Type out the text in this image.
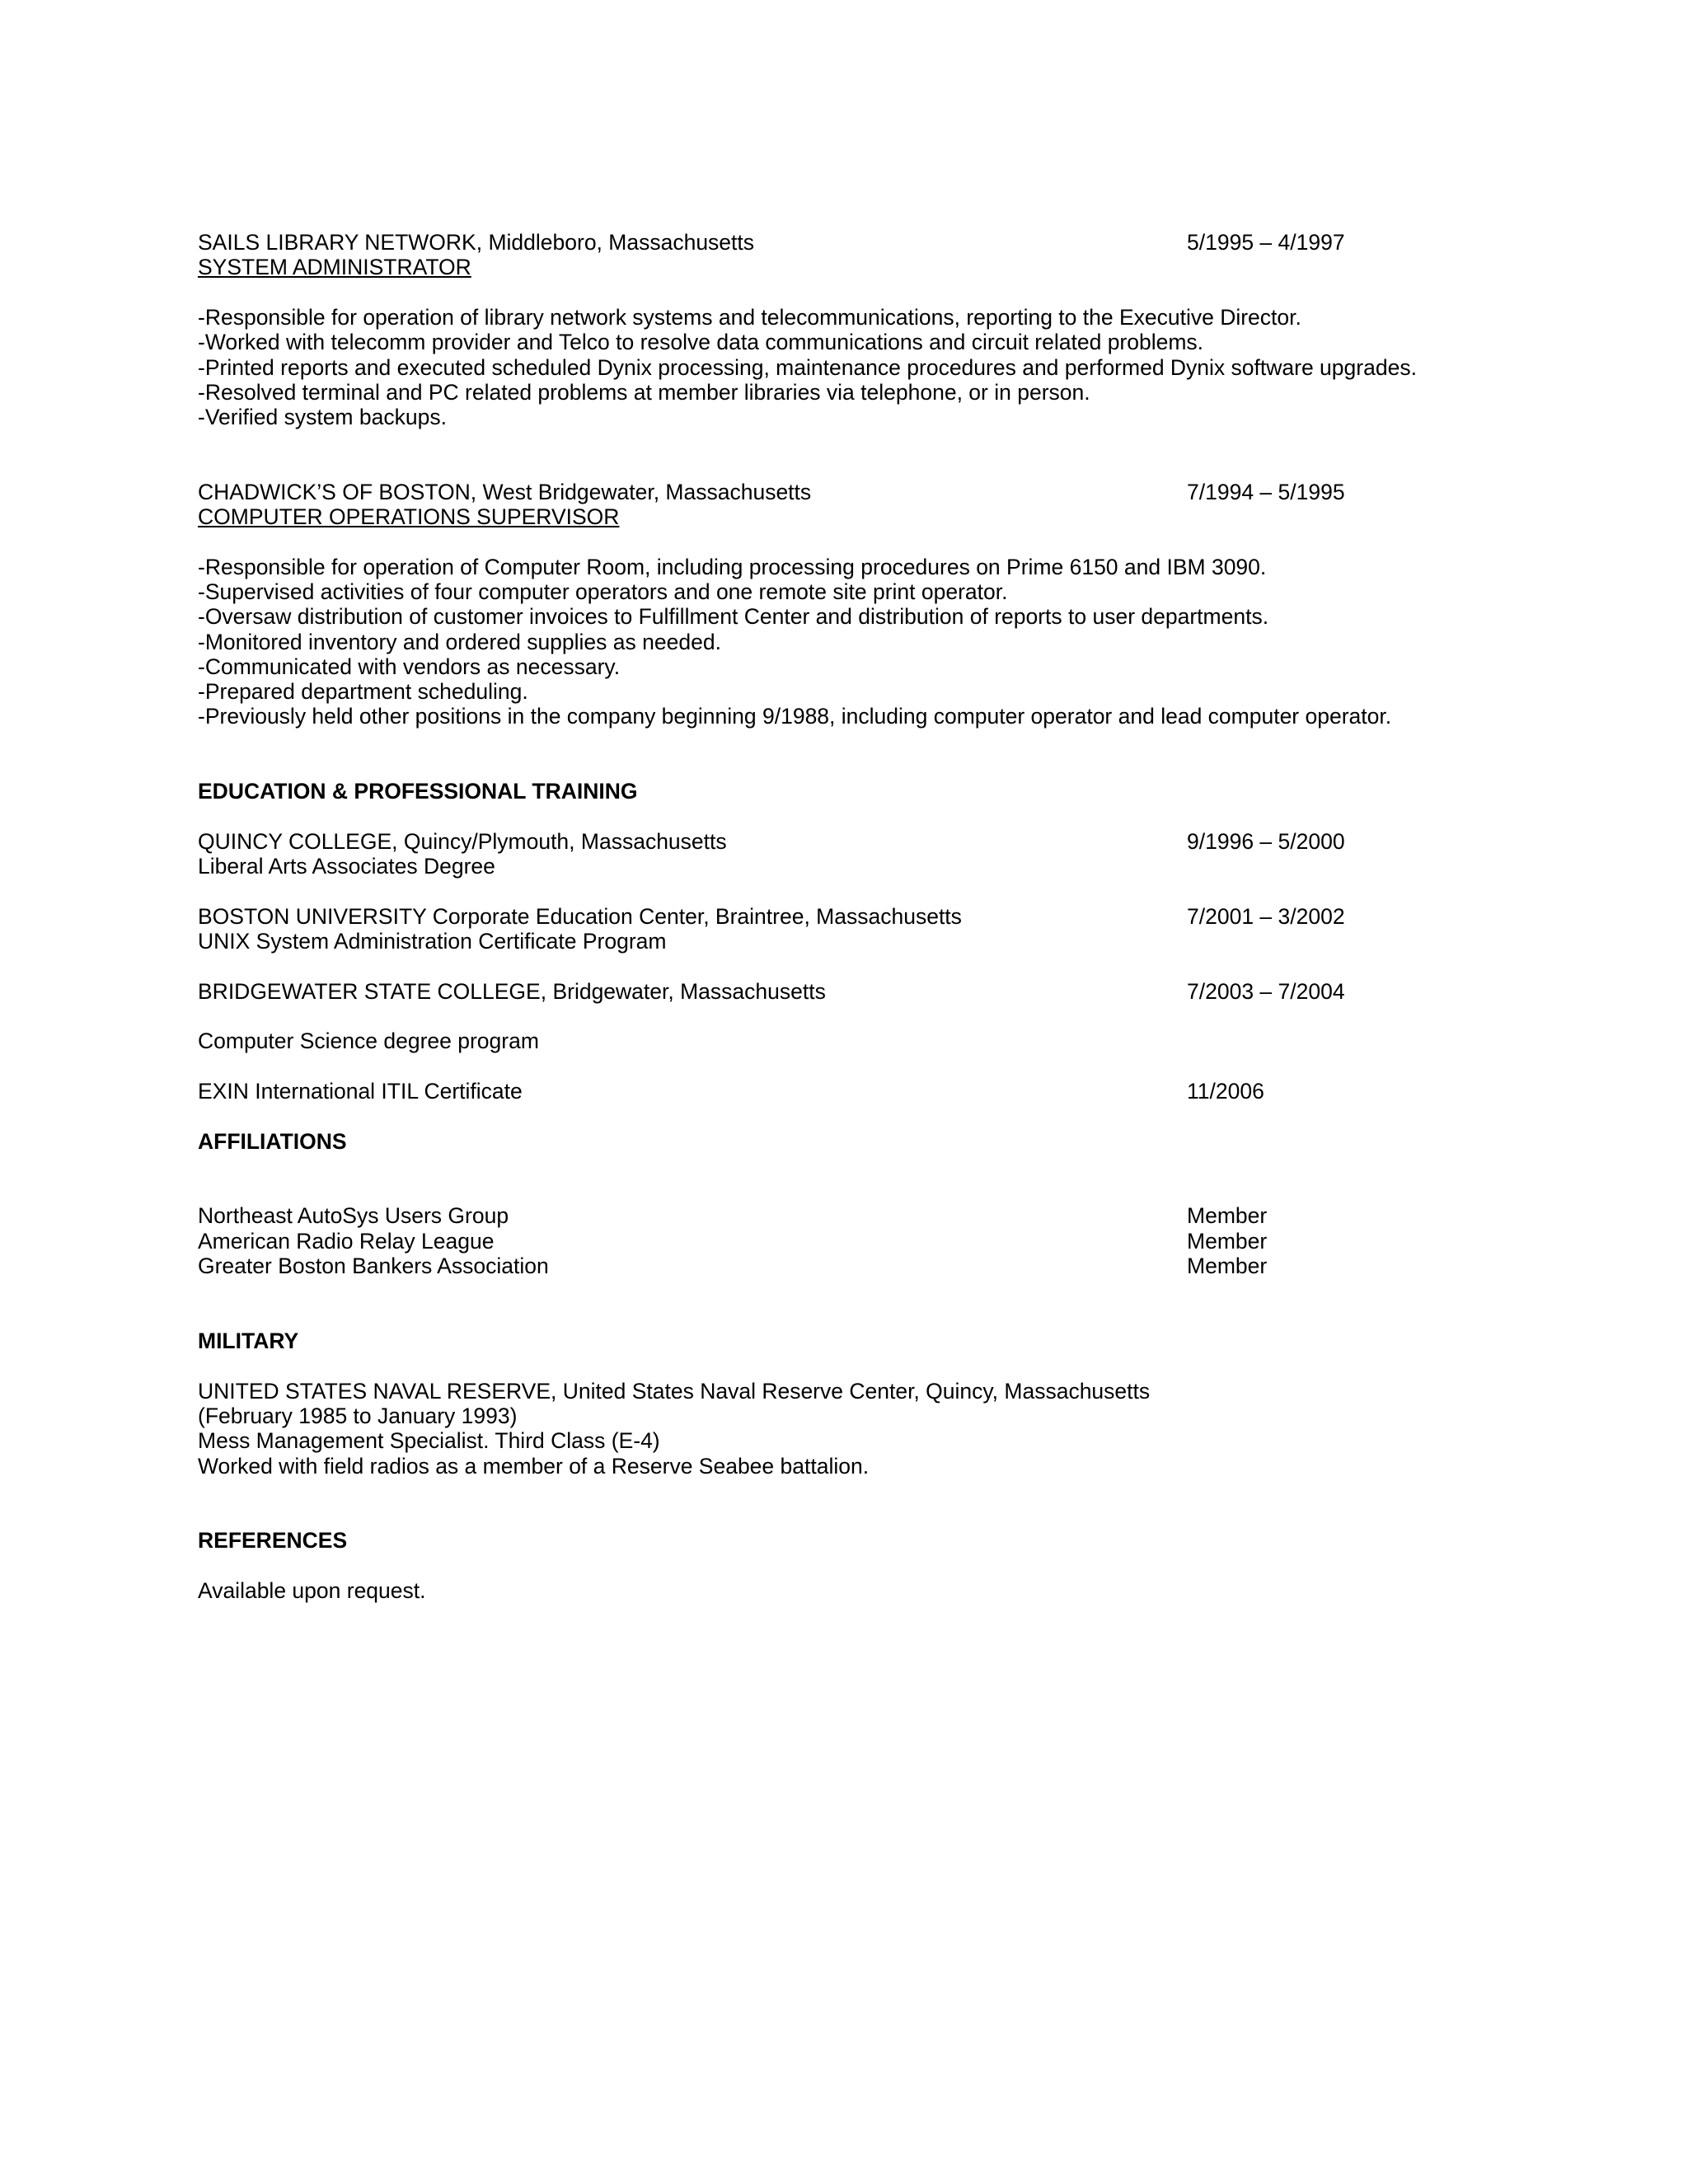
SAILS LIBRARY NETWORK, Middleboro, Massachusetts	5/1995 – 4/1997
SYSTEM ADMINISTRATOR
-Responsible for operation of library network systems and telecommunications, reporting to the Executive Director.
-Worked with telecomm provider and Telco to resolve data communications and circuit related problems.
-Printed reports and executed scheduled Dynix processing, maintenance procedures and performed Dynix software upgrades.
-Resolved terminal and PC related problems at member libraries via telephone, or in person.
-Verified system backups.
CHADWICK’S OF BOSTON, West Bridgewater, Massachusetts	7/1994 – 5/1995
COMPUTER OPERATIONS SUPERVISOR
-Responsible for operation of Computer Room, including processing procedures on Prime 6150 and IBM 3090.
-Supervised activities of four computer operators and one remote site print operator.
-Oversaw distribution of customer invoices to Fulfillment Center and distribution of reports to user departments.
-Monitored inventory and ordered supplies as needed.
-Communicated with vendors as necessary.
-Prepared department scheduling.
-Previously held other positions in the company beginning 9/1988, including computer operator and lead computer operator.
EDUCATION & PROFESSIONAL TRAINING
QUINCY COLLEGE, Quincy/Plymouth, Massachusetts	9/1996 – 5/2000
Liberal Arts Associates Degree
BOSTON UNIVERSITY Corporate Education Center, Braintree, Massachusetts	7/2001 – 3/2002
UNIX System Administration Certificate Program
BRIDGEWATER STATE COLLEGE, Bridgewater, Massachusetts	7/2003 – 7/2004
Computer Science degree program
EXIN International ITIL Certificate	11/2006
AFFILIATIONS
Northeast AutoSys Users Group	Member
American Radio Relay League	Member
Greater Boston Bankers Association	Member
MILITARY
UNITED STATES NAVAL RESERVE, United States Naval Reserve Center, Quincy, Massachusetts
(February 1985 to January 1993)
Mess Management Specialist. Third Class (E-4)
Worked with field radios as a member of a Reserve Seabee battalion.
REFERENCES
Available upon request.
